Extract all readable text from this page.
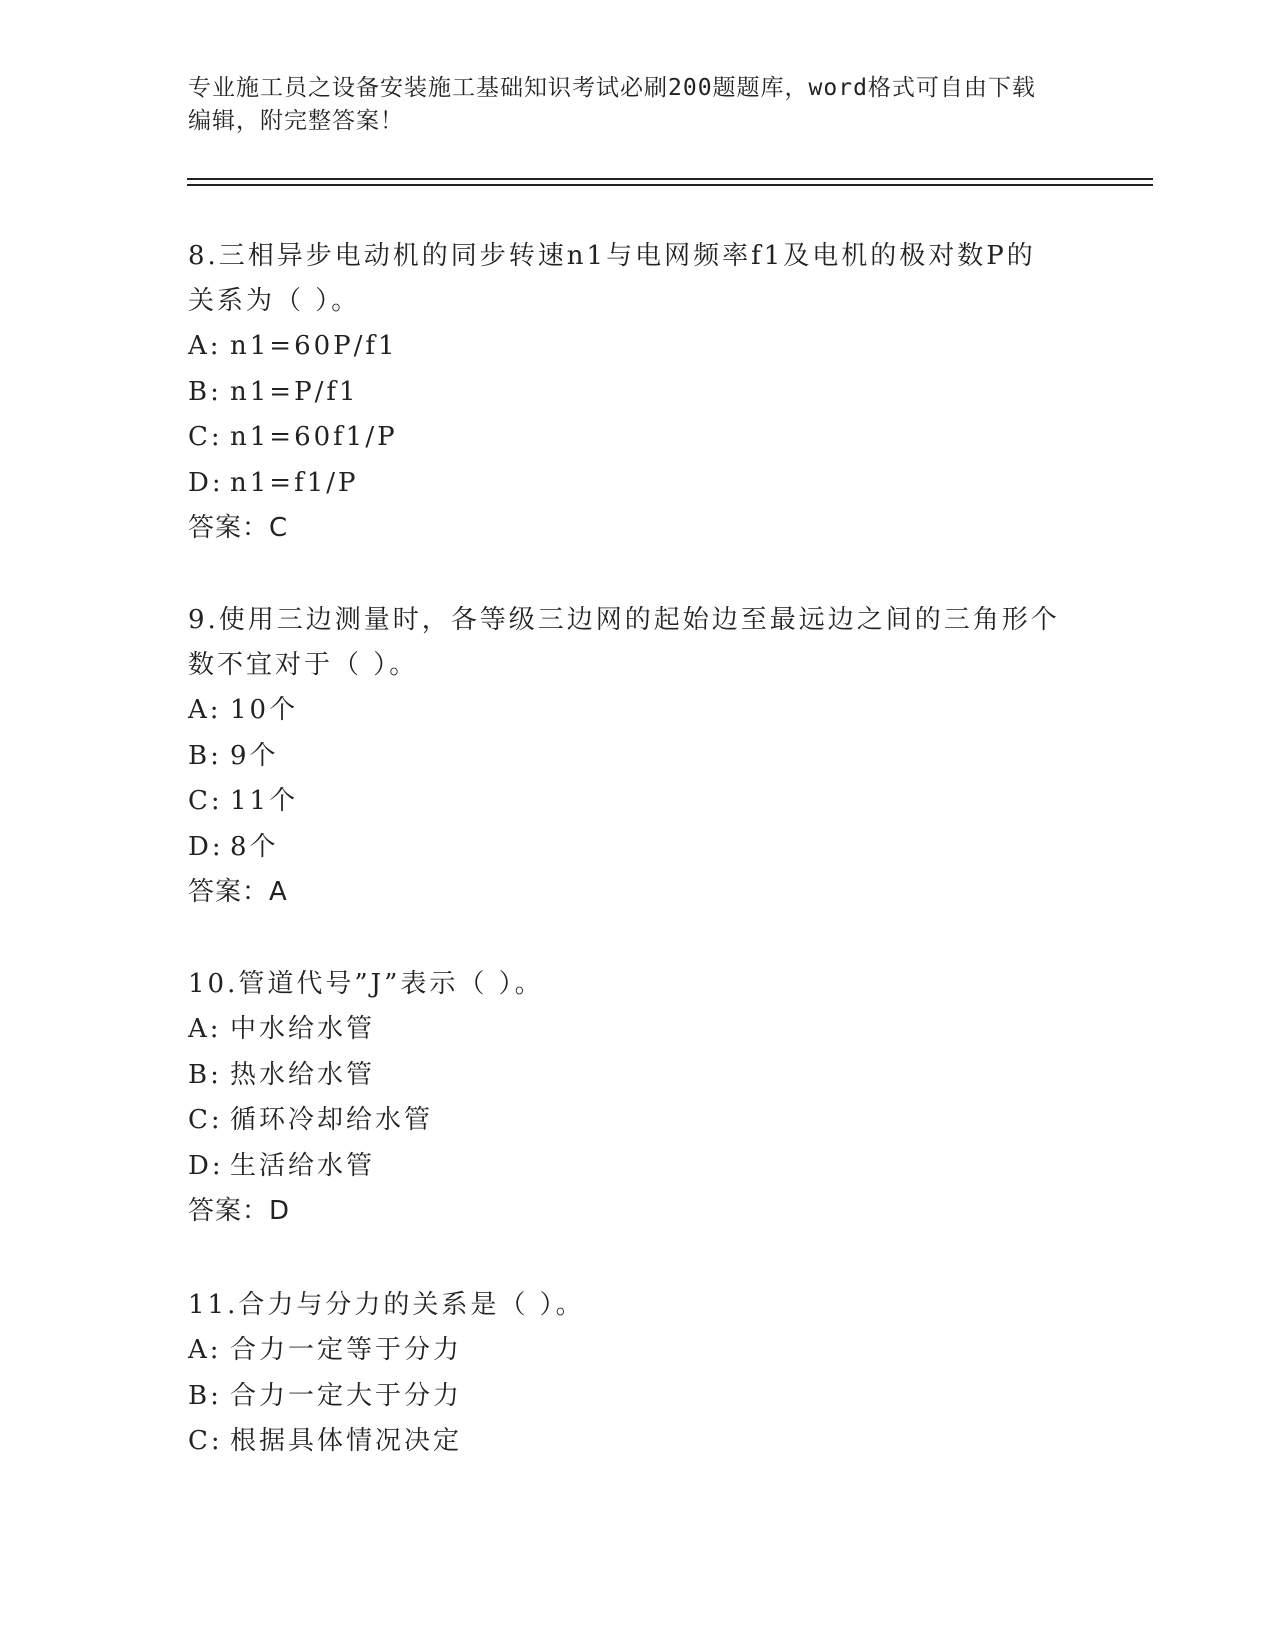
专业施工员之设备安装施工基础知识考试必刷200题题库，word格式可自由下载
编辑，附完整答案！
8.三相异步电动机的同步转速n1与电网频率f1及电机的极对数P的
关系为（ ）。
A: n1=60P/f1
B: n1=P/f1
C: n1=60f1/P
D: n1=f1/P
答案：C
9.使用三边测量时，各等级三边网的起始边至最远边之间的三角形个
数不宜对于（ ）。
A: 10个
B: 9个
C: 11个
D: 8个
答案：A
10.管道代号”J”表示（ ）。
A: 中水给水管
B: 热水给水管
C: 循环冷却给水管
D: 生活给水管
答案：D
11.合力与分力的关系是（ ）。
A: 合力一定等于分力
B: 合力一定大于分力
C: 根据具体情况决定
